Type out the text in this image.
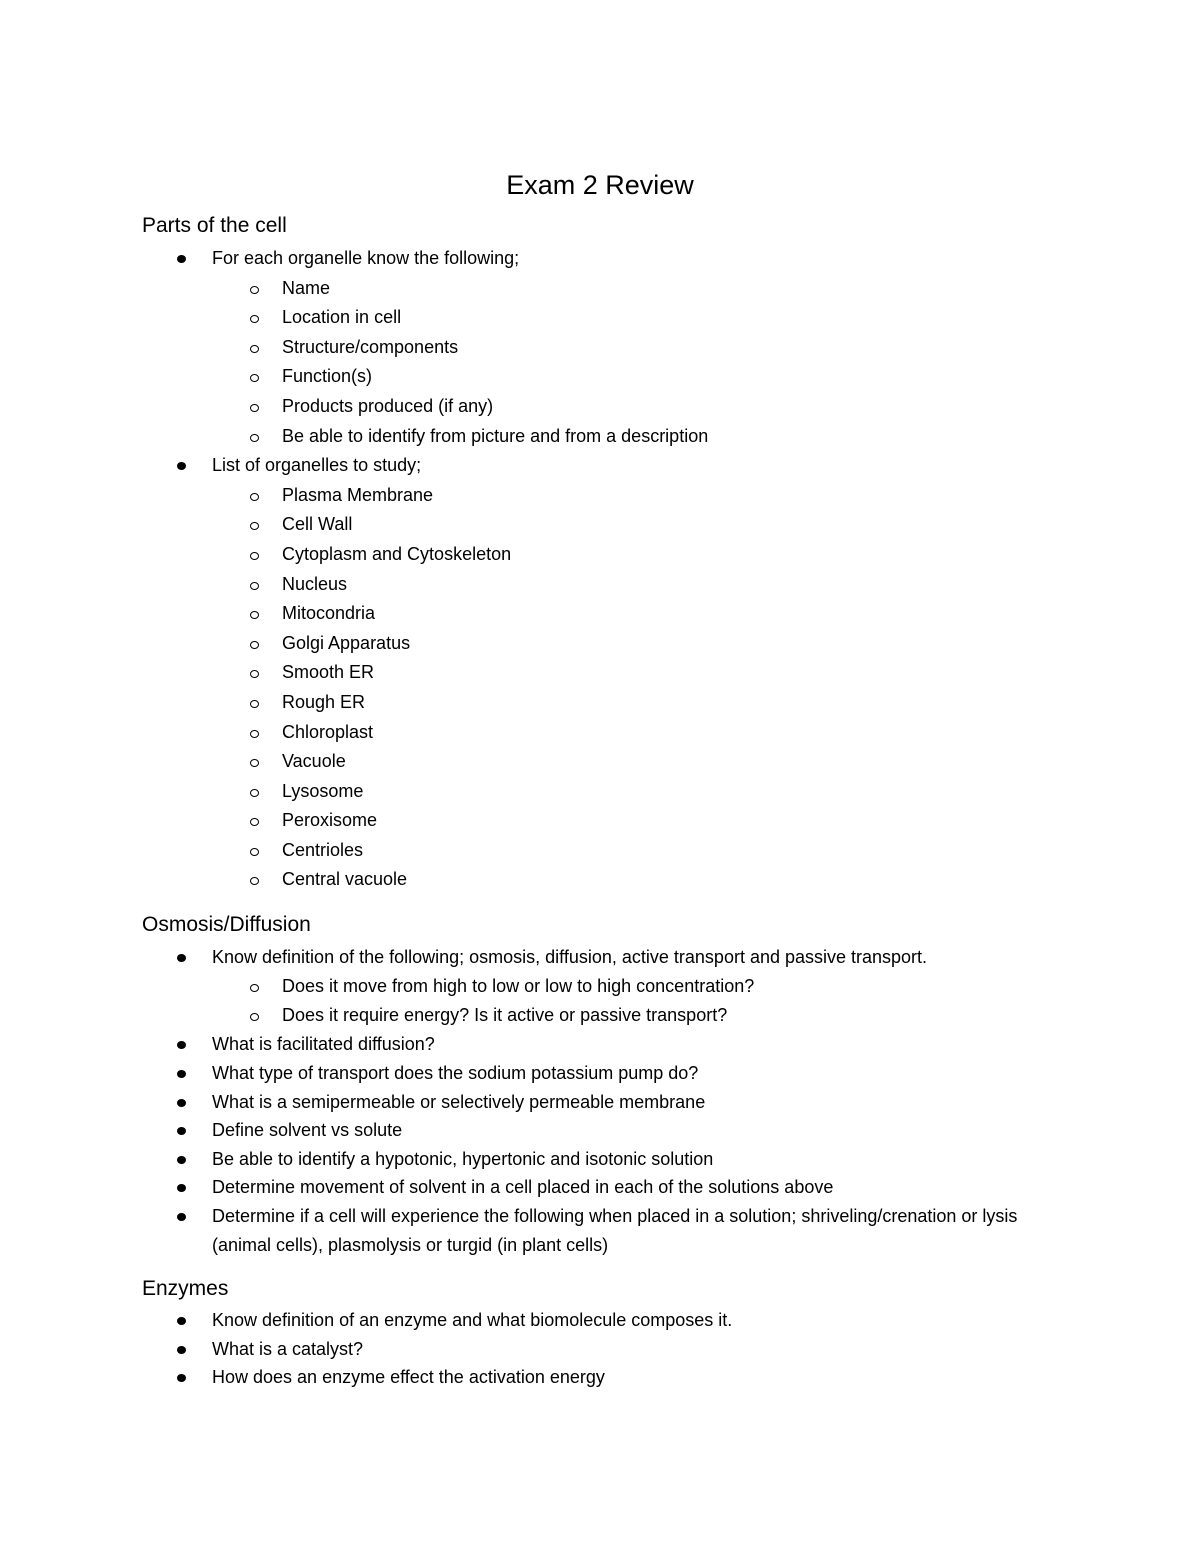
Exam 2 Review
Parts of the cell
For each organelle know the following;
Name
Location in cell
Structure/components
Function(s)
Products produced (if any)
Be able to identify from picture and from a description
List of organelles to study;
Plasma Membrane
Cell Wall
Cytoplasm and Cytoskeleton
Nucleus
Mitocondria
Golgi Apparatus
Smooth ER
Rough ER
Chloroplast
Vacuole
Lysosome
Peroxisome
Centrioles
Central vacuole
Osmosis/Diffusion
Know definition of the following; osmosis, diffusion, active transport and passive transport.
Does it move from high to low or low to high concentration?
Does it require energy? Is it active or passive transport?
What is facilitated diffusion?
What type of transport does the sodium potassium pump do?
What is a semipermeable or selectively permeable membrane
Define solvent vs solute
Be able to identify a hypotonic, hypertonic and isotonic solution
Determine movement of solvent in a cell placed in each of the solutions above
Determine if a cell will experience the following when placed in a solution; shriveling/crenation or lysis (animal cells), plasmolysis or turgid (in plant cells)
Enzymes
Know definition of an enzyme and what biomolecule composes it.
What is a catalyst?
How does an enzyme effect the activation energy
